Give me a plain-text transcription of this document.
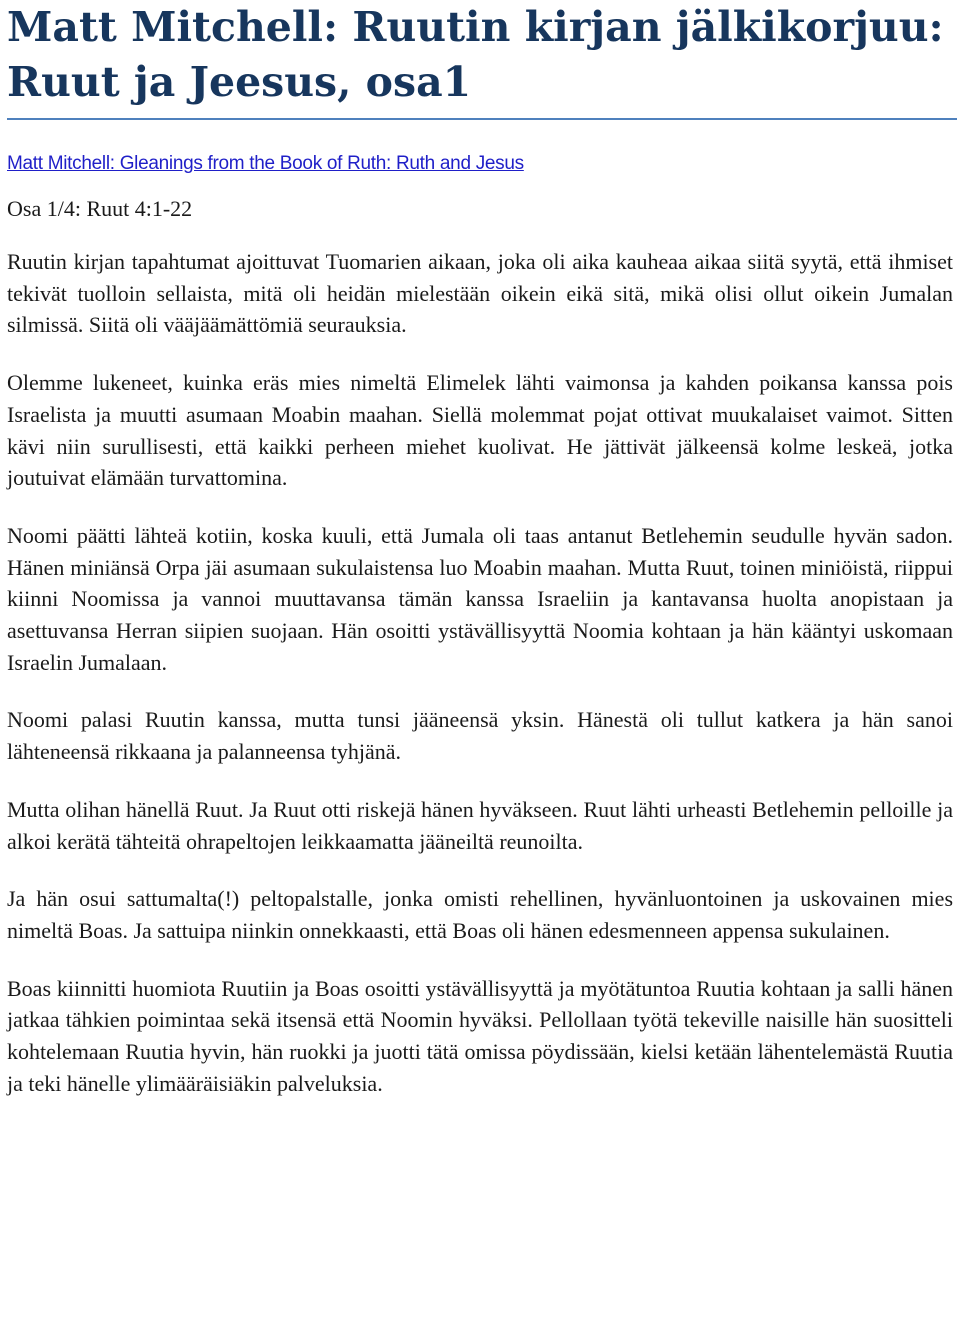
Matt Mitchell: Ruutin kirjan jälkikorjuu:
Ruut ja Jeesus, osa1
Matt Mitchell: Gleanings from the Book of Ruth: Ruth and Jesus

Osa 1/4: Ruut 4:1-22

Ruutin kirjan tapahtumat ajoittuvat Tuomarien aikaan, joka oli aika kauheaa aikaa siitä syytä, että ihmiset tekivät tuolloin sellaista, mitä oli heidän mielestään oikein eikä sitä, mikä olisi ollut oikein Jumalan silmissä. Siitä oli vääjäämättömiä seurauksia.

Olemme lukeneet, kuinka eräs mies nimeltä Elimelek lähti vaimonsa ja kahden poikansa kanssa pois Israelista ja muutti asumaan Moabin maahan. Siellä molemmat pojat ottivat muukalaiset vaimot. Sitten kävi niin surullisesti, että kaikki perheen miehet kuolivat. He jättivät jälkeensä kolme leskeä, jotka joutuivat elämään turvattomina.

Noomi päätti lähteä kotiin, koska kuuli, että Jumala oli taas antanut Betlehemin seudulle hyvän sadon. Hänen miniänsä Orpa jäi asumaan sukulaistensa luo Moabin maahan. Mutta Ruut, toinen miniöistä, riippui kiinni Noomissa ja vannoi muuttavansa tämän kanssa Israeliin ja kantavansa huolta anopistaan ja asettuvansa Herran siipien suojaan. Hän osoitti ystävällisyyttä Noomia kohtaan ja hän kääntyi uskomaan Israelin Jumalaan.

Noomi palasi Ruutin kanssa, mutta tunsi jääneensä yksin. Hänestä oli tullut katkera ja hän sanoi lähteneensä rikkaana ja palanneensa tyhjänä.

Mutta olihan hänellä Ruut. Ja Ruut otti riskejä hänen hyväkseen. Ruut lähti urheasti Betlehemin pelloille ja alkoi kerätä tähteitä ohrapeltojen leikkaamatta jääneiltä reunoilta.

Ja hän osui sattumalta(!) peltopalstalle, jonka omisti rehellinen, hyvänluontoinen ja uskovainen mies nimeltä Boas. Ja sattuipa niinkin onnekkaasti, että Boas oli hänen edesmenneen appensa sukulainen.

Boas kiinnitti huomiota Ruutiin ja Boas osoitti ystävällisyyttä ja myötätuntoa Ruutia kohtaan ja salli hänen jatkaa tähkien poimintaa sekä itsensä että Noomin hyväksi. Pellollaan työtä tekeville naisille hän suositteli kohtelemaan Ruutia hyvin, hän ruokki ja juotti tätä omissa pöydissään, kielsi ketään lähentelemästä Ruutia ja teki hänelle ylimääräisiäkin palveluksia.
